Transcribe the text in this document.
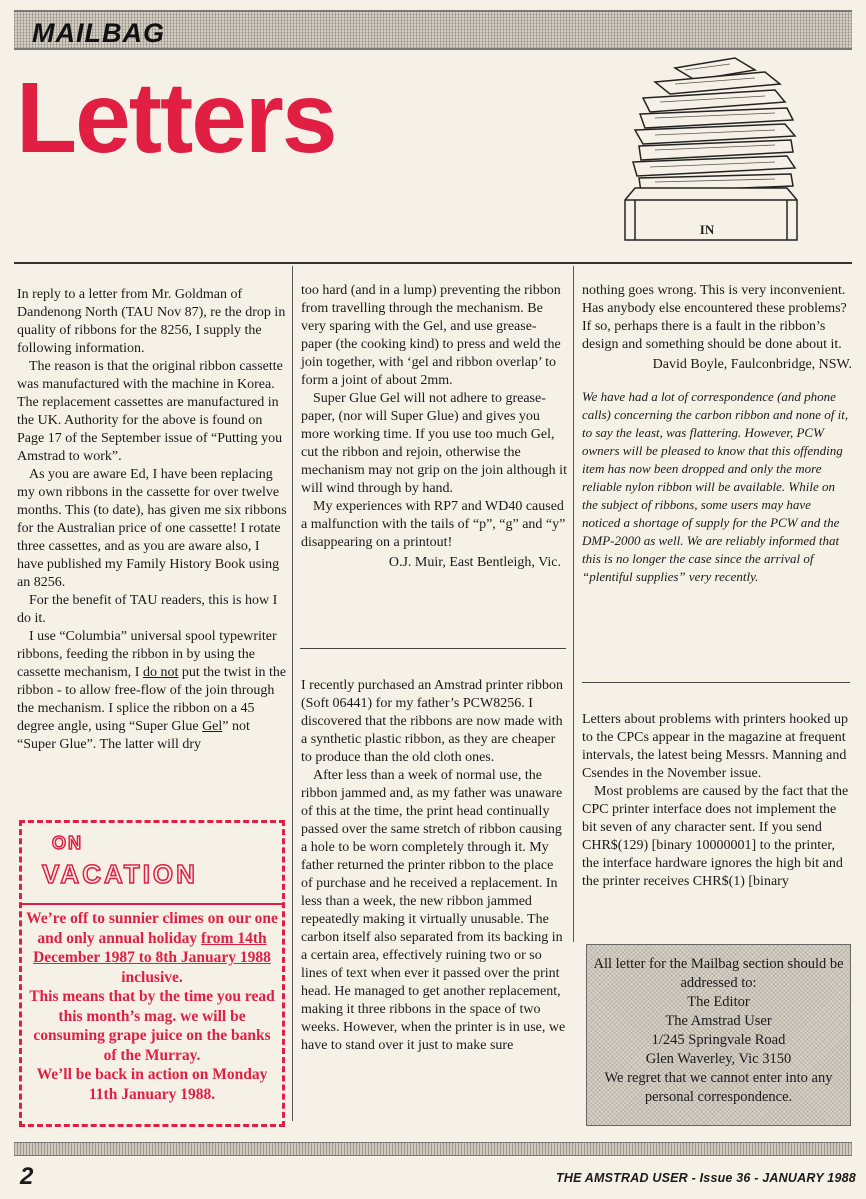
MAILBAG
Letters
IN

In reply to a letter from Mr. Goldman of Dandenong North (TAU Nov 87), re the drop in quality of ribbons for the 8256, I supply the following information.

The reason is that the original ribbon cassette was manufactured with the machine in Korea. The replacement cassettes are manufactured in the UK. Authority for the above is found on Page 17 of the September issue of “Putting you Amstrad to work”.

As you are aware Ed, I have been replacing my own ribbons in the cassette for over twelve months. This (to date), has given me six ribbons for the Australian price of one cassette! I rotate three cassettes, and as you are aware also, I have published my Family History Book using an 8256.

For the benefit of TAU readers, this is how I do it.

I use “Columbia” universal spool typewriter ribbons, feeding the ribbon in by using the cassette mechanism, I do not put the twist in the ribbon - to allow free-flow of the join through the mechanism. I splice the ribbon on a 45 degree angle, using “Super Glue Gel” not “Super Glue”. The latter will dry

too hard (and in a lump) preventing the ribbon from travelling through the mechanism. Be very sparing with the Gel, and use grease-paper (the cooking kind) to press and weld the join together, with ‘gel and ribbon overlap’ to form a joint of about 2mm.

Super Glue Gel will not adhere to grease-paper, (nor will Super Glue) and gives you more working time. If you use too much Gel, cut the ribbon and rejoin, otherwise the mechanism may not grip on the join although it will wind through by hand.

My experiences with RP7 and WD40 caused a malfunction with the tails of “p”, “g” and “y” disappearing on a printout!

O.J. Muir, East Bentleigh, Vic.

I recently purchased an Amstrad printer ribbon (Soft 06441) for my father’s PCW8256. I discovered that the ribbons are now made with a synthetic plastic ribbon, as they are cheaper to produce than the old cloth ones.

After less than a week of normal use, the ribbon jammed and, as my father was unaware of this at the time, the print head continually passed over the same stretch of ribbon causing a hole to be worn completely through it. My father returned the printer ribbon to the place of purchase and he received a replacement. In less than a week, the new ribbon jammed repeatedly making it virtually unusable. The carbon itself also separated from its backing in a certain area, effectively ruining two or so lines of text when ever it passed over the print head. He managed to get another replacement, making it three ribbons in the space of two weeks. However, when the printer is in use, we have to stand over it just to make sure

nothing goes wrong. This is very inconvenient. Has anybody else encountered these problems? If so, perhaps there is a fault in the ribbon’s design and something should be done about it.

David Boyle, Faulconbridge, NSW.

We have had a lot of correspondence (and phone calls) concerning the carbon ribbon and none of it, to say the least, was flattering. However, PCW owners will be pleased to know that this offending item has now been dropped and only the more reliable nylon ribbon will be available. While on the subject of ribbons, some users may have noticed a shortage of supply for the PCW and the DMP-2000 as well. We are reliably informed that this is no longer the case since the arrival of “plentiful supplies” very recently.

Letters about problems with printers hooked up to the CPCs appear in the magazine at frequent intervals, the latest being Messrs. Manning and Csendes in the November issue.

Most problems are caused by the fact that the CPC printer interface does not implement the bit seven of any character sent. If you send CHR$(129) [binary 10000001] to the printer, the interface hardware ignores the high bit and the printer receives CHR$(1) [binary

ON
VACATION

We’re off to sunnier climes on our one and only annual holiday from 14th December 1987 to 8th January 1988 inclusive.

This means that by the time you read this month’s mag. we will be consuming grape juice on the banks of the Murray.

We’ll be back in action on Monday 11th January 1988.

All letter for the Mailbag section should be addressed to:

The Editor

The Amstrad User

1/245 Springvale Road

Glen Waverley, Vic 3150

We regret that we cannot enter into any personal correspondence.

2	THE AMSTRAD USER - Issue 36 - JANUARY 1988
